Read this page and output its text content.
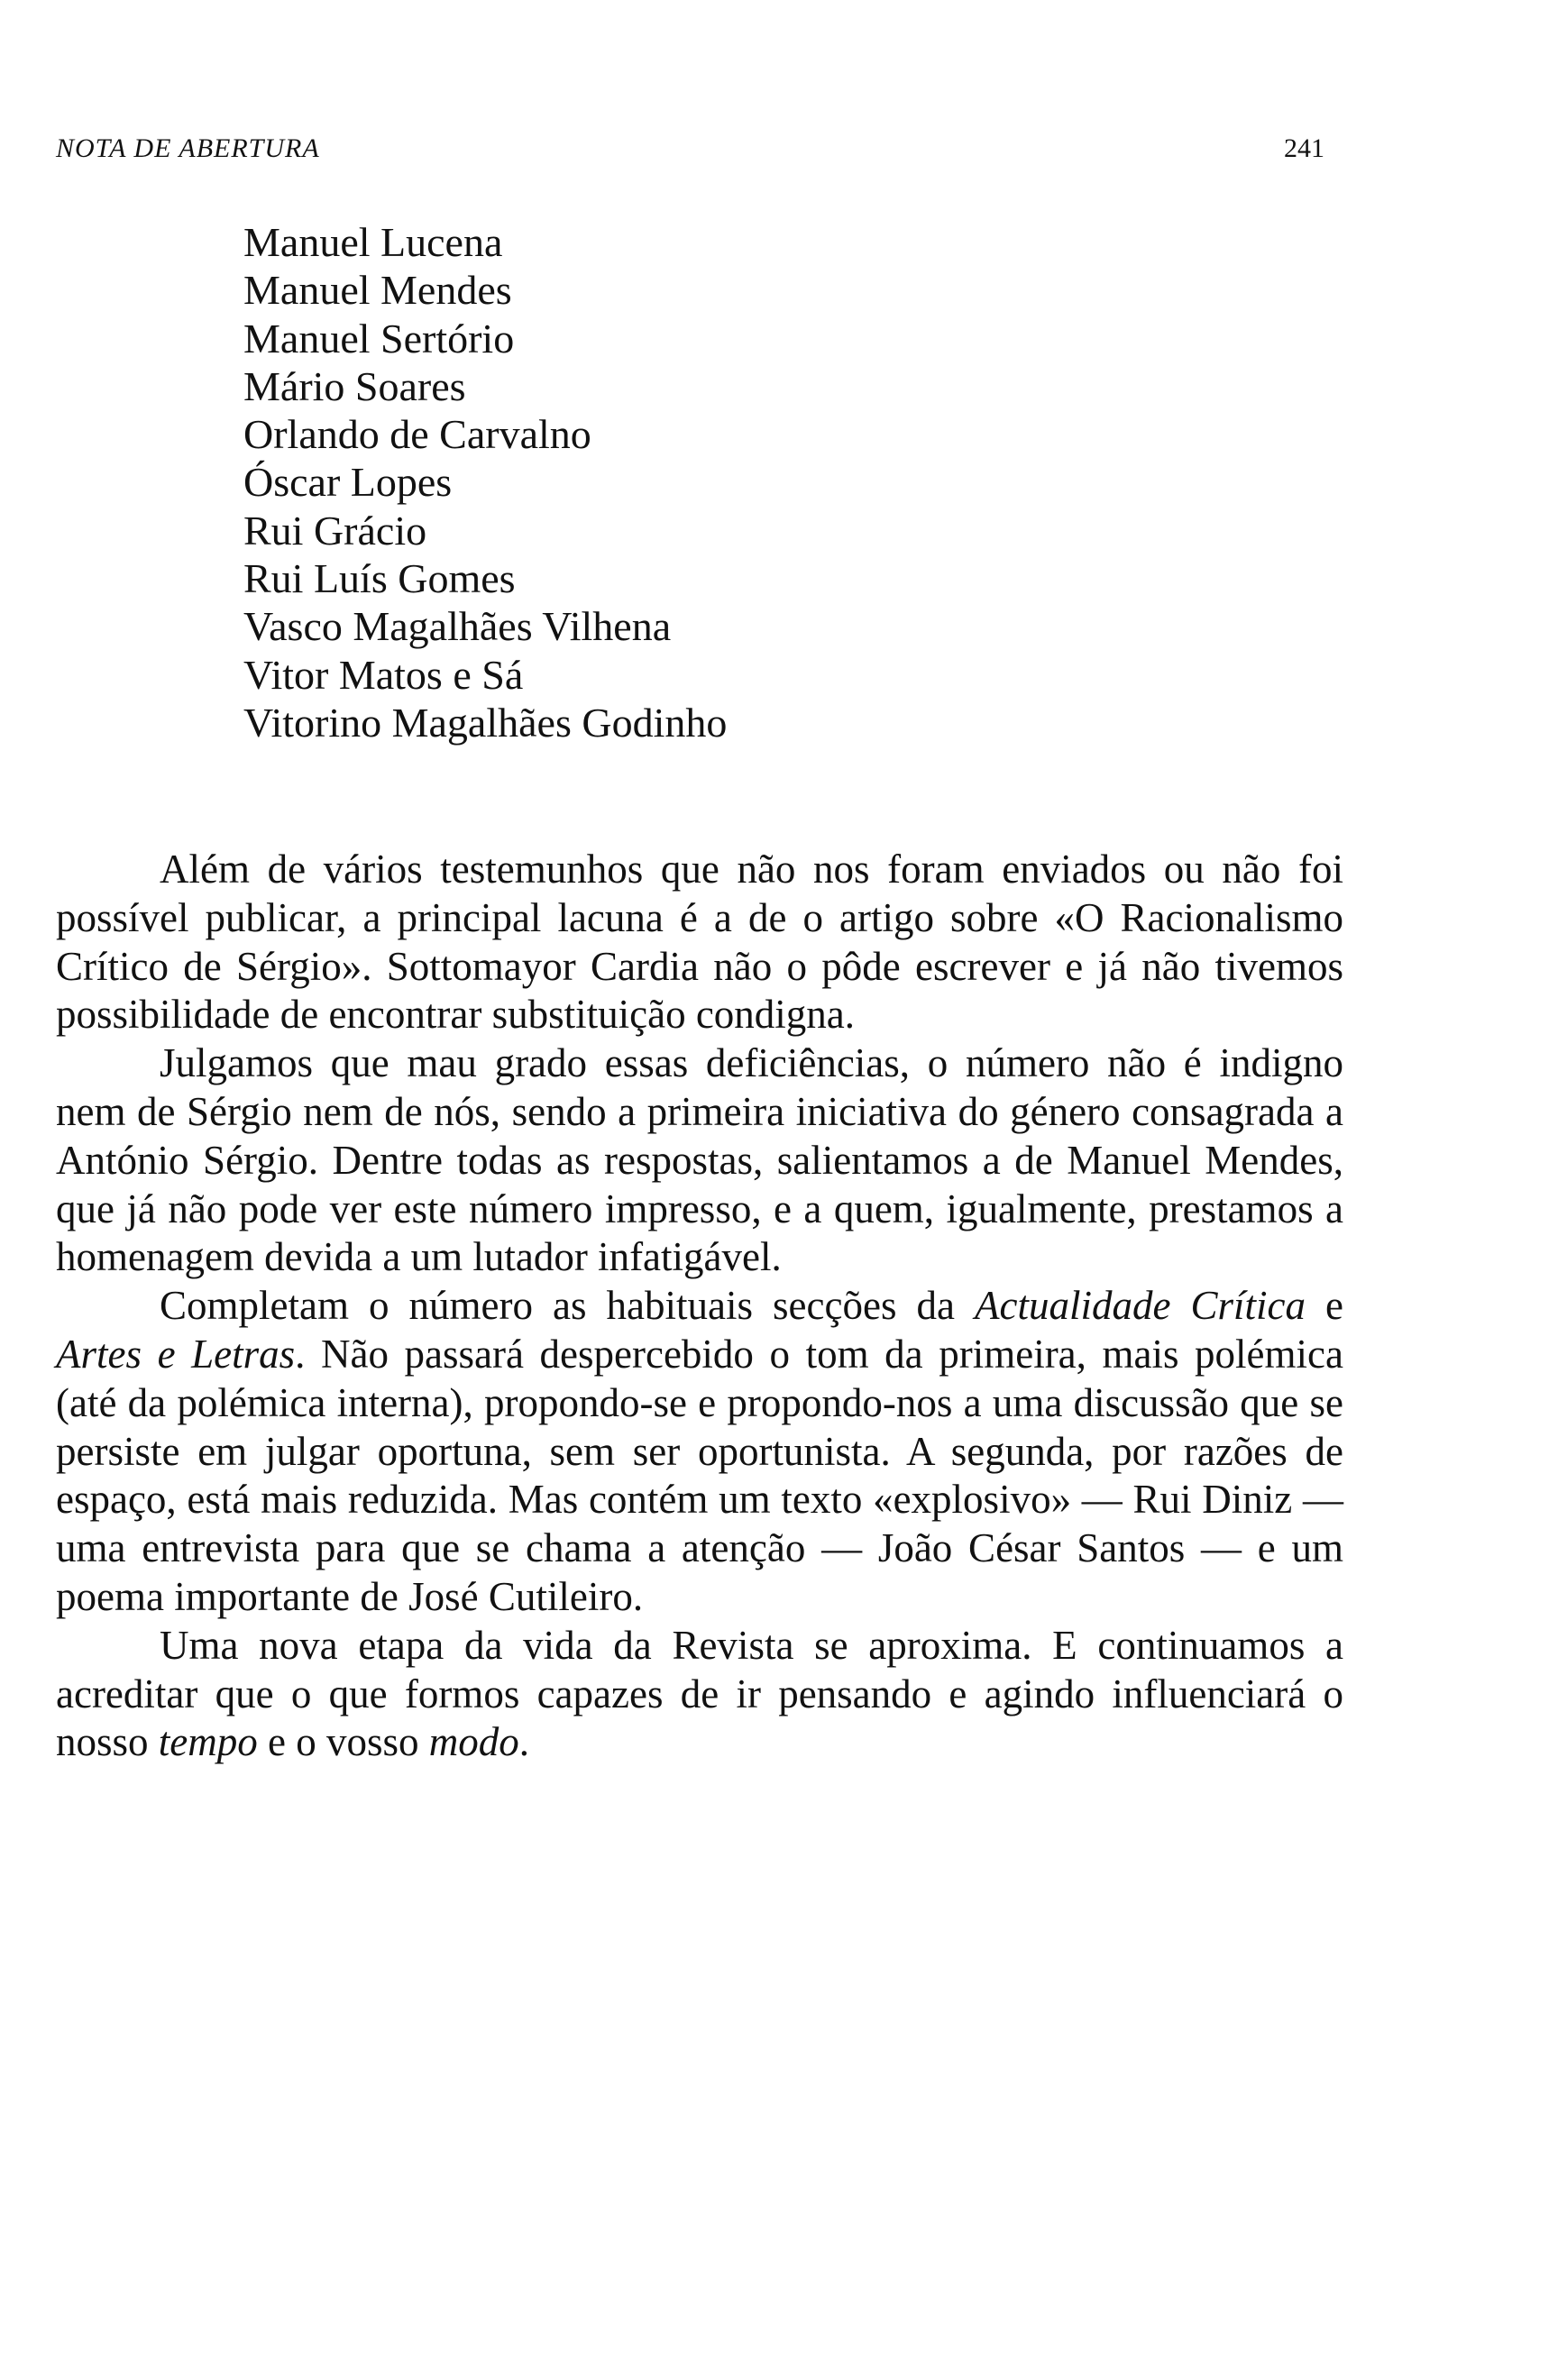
NOTA DE ABERTURA	241
Manuel Lucena
Manuel Mendes
Manuel Sertório
Mário Soares
Orlando de Carvalno
Óscar Lopes
Rui Grácio
Rui Luís Gomes
Vasco Magalhães Vilhena
Vitor Matos e Sá
Vitorino Magalhães Godinho

Além de vários testemunhos que não nos foram enviados ou não foi possível publicar, a principal lacuna é a de o artigo sobre «O Racionalismo Crítico de Sérgio». Sottomayor Cardia não o pôde escrever e já não tivemos possibilidade de encontrar substituição condigna.

Julgamos que mau grado essas deficiências, o número não é indigno nem de Sérgio nem de nós, sendo a primeira iniciativa do género consagrada a António Sérgio. Dentre todas as respostas, salientamos a de Manuel Mendes, que já não pode ver este número impresso, e a quem, igualmente, prestamos a homenagem devida a um lutador infatigável.

Completam o número as habituais secções da Actualidade Crítica e Artes e Letras. Não passará despercebido o tom da primeira, mais polémica (até da polémica interna), propondo-se e propondo-nos a uma discussão que se persiste em julgar oportuna, sem ser oportunista. A segunda, por razões de espaço, está mais reduzida. Mas contém um texto «explosivo» — Rui Diniz — uma entrevista para que se chama a atenção — João César Santos — e um poema importante de José Cutileiro.

Uma nova etapa da vida da Revista se aproxima. E continuamos a acreditar que o que formos capazes de ir pensando e agindo influenciará o nosso tempo e o vosso modo.
